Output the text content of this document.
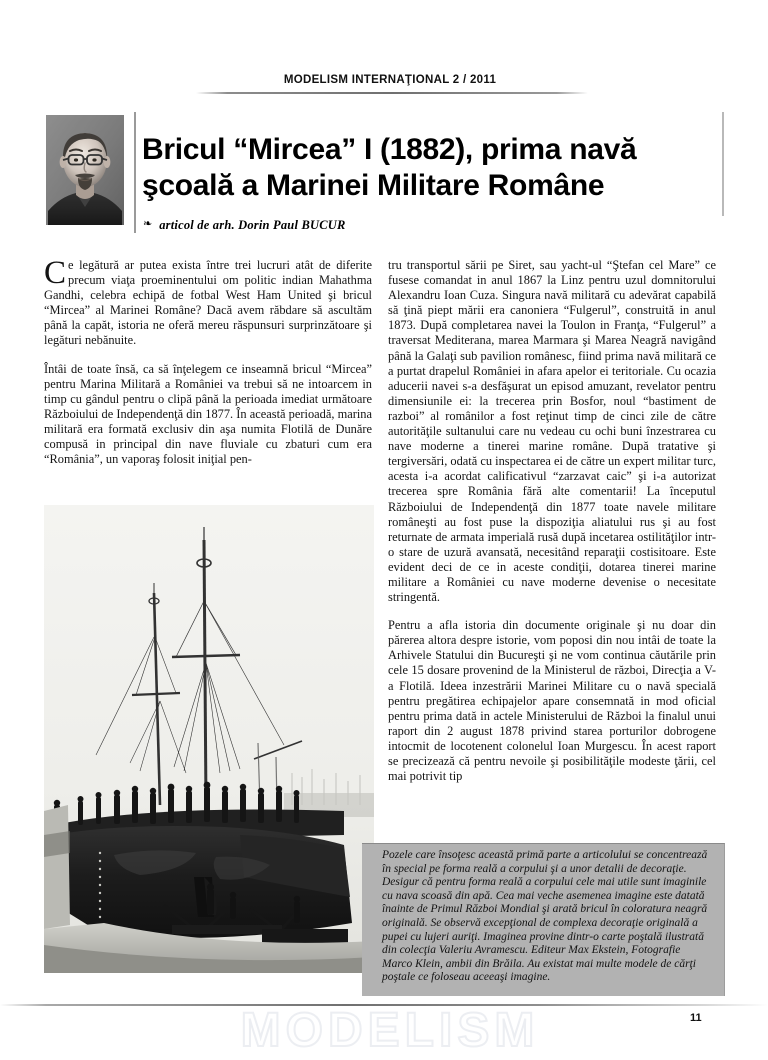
MODELISM INTERNAŢIONAL 2 / 2011
Bricul “Mircea” I (1882), prima navă şcoală a Marinei Militare Române
❧ articol de arh. Dorin Paul BUCUR

Ce legătură ar putea exista între trei lucruri atât de diferite precum viaţa proeminentului om politic indian Mahathma Gandhi, celebra echipă de fotbal West Ham United şi bricul “Mircea” al Marinei Române? Dacă avem răbdare să ascultăm până la capăt, istoria ne oferă mereu răspunsuri surprinzătoare şi legături nebănuite.

Întâi de toate însă, ca să înţelegem ce inseamnă bricul “Mircea” pentru Marina Militară a României va trebui să ne intoarcem in timp cu gândul pentru o clipă până la perioada imediat următoare Războiului de Independenţă din 1877. În această perioadă, marina militară era formată exclusiv din aşa numita Flotilă de Dunăre compusă in principal din nave fluviale cu zbaturi cum era “România”, un vaporaş folosit iniţial pen-

tru transportul sării pe Siret, sau yacht-ul “Ştefan cel Mare” ce fusese comandat in anul 1867 la Linz pentru uzul domnitorului Alexandru Ioan Cuza. Singura navă militară cu adevărat capabilă să ţină piept mării era canoniera “Fulgerul”, construită in anul 1873. După completarea navei la Toulon in Franţa, “Fulgerul” a traversat Mediterana, marea Marmara şi Marea Neagră navigând până la Galaţi sub pavilion românesc, fiind prima navă militară ce a purtat drapelul României in afara apelor ei teritoriale. Cu ocazia aducerii navei s-a desfăşurat un episod amuzant, revelator pentru dimensiunile ei: la trecerea prin Bosfor, noul “bastiment de razboi” al românilor a fost reţinut timp de cinci zile de către autorităţile sultanului care nu vedeau cu ochi buni înzestrarea cu nave moderne a tinerei marine române. După tratative şi tergiversări, odată cu inspectarea ei de către un expert militar turc, acesta i-a acordat calificativul “zarzavat caic” şi i-a autorizat trecerea spre România fără alte comentarii! La începutul Războiului de Independenţă din 1877 toate navele militare româneşti au fost puse la dispoziţia aliatului rus şi au fost returnate de armata imperială rusă după incetarea ostilităţilor intr-o stare de uzură avansată, necesitând reparaţii costisitoare. Este evident deci de ce in aceste condiţii, dotarea tinerei marine militare a României cu nave moderne devenise o necesitate stringentă.

Pentru a afla istoria din documente originale şi nu doar din părerea altora despre istorie, vom poposi din nou intâi de toate la Arhivele Statului din Bucureşti şi ne vom continua căutările prin cele 15 dosare provenind de la Ministerul de război, Direcţia a V-a Flotilă. Ideea inzestrării Marinei Militare cu o navă specială pentru pregătirea echipajelor apare consemnată in mod oficial pentru prima dată in actele Ministerului de Război la finalul unui raport din 2 august 1878 privind starea porturilor dobrogene intocmit de locotenent colonelul Ioan Murgescu. În acest raport se precizează că pentru nevoile şi posibilităţile modeste ţării, cel mai potrivit tip

Pozele care însoţesc această primă parte a articolului se concentrează în special pe forma reală a corpului şi a unor detalii de decoraţie. Desigur că pentru forma reală a corpului cele mai utile sunt imaginile cu nava scoasă din apă. Cea mai veche asemenea imagine este datată înainte de Primul Război Mondial şi arată bricul în coloratura neagră originală. Se observă excepţional de complexa decoraţie originală a pupei cu lujeri auriţi. Imaginea provine dintr-o carte poştală ilustrată din colecţia Valeriu Avramescu. Editeur Max Ekstein, Fotografie Marco Klein, ambii din Brăila. Au existat mai multe modele de cărţi poştale ce foloseau aceeaşi imagine.
MODELISM	11
